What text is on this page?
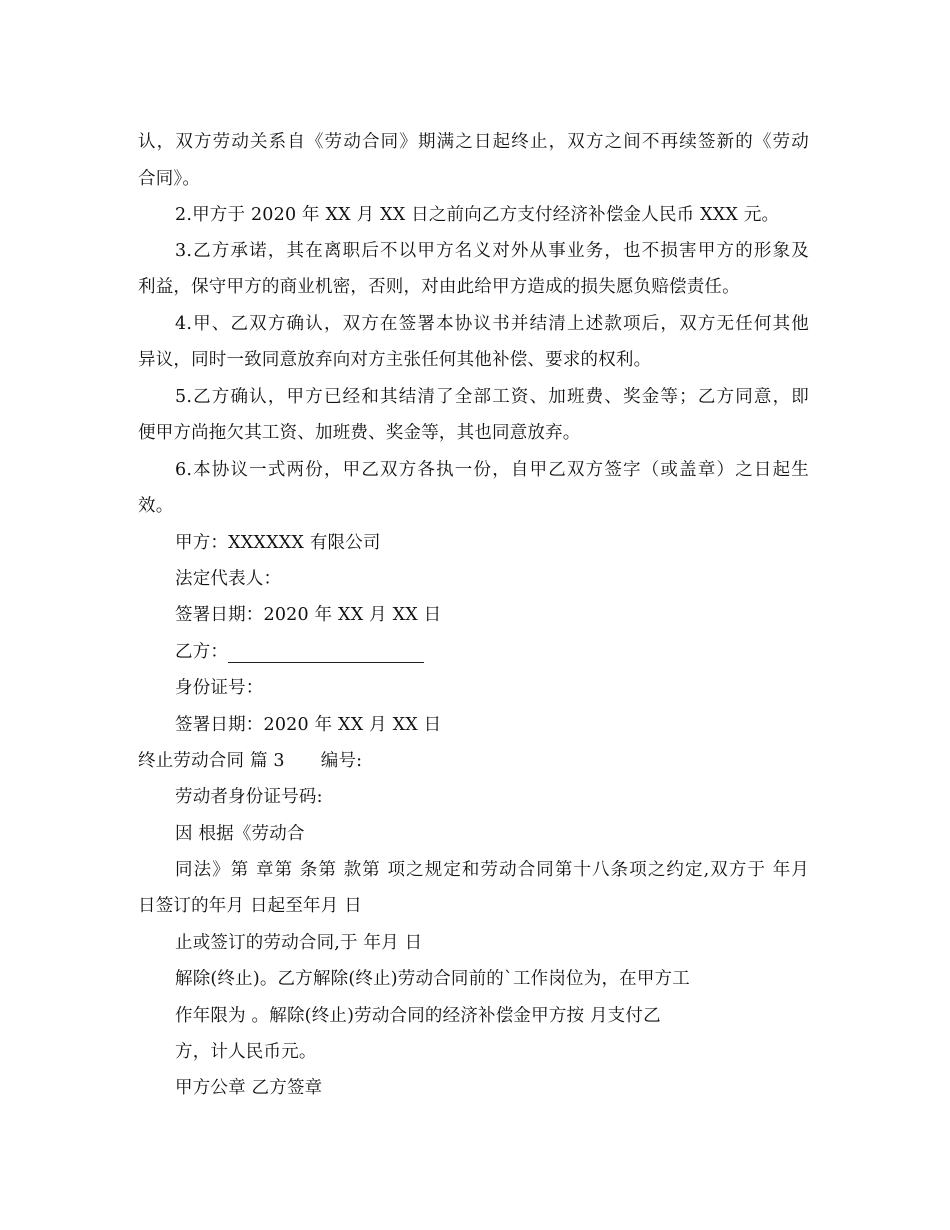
认，双方劳动关系自《劳动合同》期满之日起终止，双方之间不再续签新的《劳动
合同》。
2.甲方于 2020 年 XX 月 XX 日之前向乙方支付经济补偿金人民币 XXX 元。
3.乙方承诺，其在离职后不以甲方名义对外从事业务，也不损害甲方的形象及
利益，保守甲方的商业机密，否则，对由此给甲方造成的损失愿负赔偿责任。
4.甲、乙双方确认，双方在签署本协议书并结清上述款项后，双方无任何其他
异议，同时一致同意放弃向对方主张任何其他补偿、要求的权利。
5.乙方确认，甲方已经和其结清了全部工资、加班费、奖金等；乙方同意，即
便甲方尚拖欠其工资、加班费、奖金等，其也同意放弃。
6.本协议一式两份，甲乙双方各执一份，自甲乙双方签字（或盖章）之日起生
效。
甲方：XXXXXX 有限公司
法定代表人：
签署日期：2020 年 XX 月 XX 日
乙方：
身份证号：
签署日期：2020 年 XX 月 XX 日
终止劳动合同 篇 3 编号:
劳动者身份证号码:
因 根据《劳动合
同法》第 章第 条第 款第 项之规定和劳动合同第十八条项之约定,双方于 年月
日签订的年月 日起至年月 日
止或签订的劳动合同,于 年月 日
解除(终止)。乙方解除(终止)劳动合同前的`工作岗位为，在甲方工
作年限为 。解除(终止)劳动合同的经济补偿金甲方按 月支付乙
方，计人民币元。
甲方公章 乙方签章
